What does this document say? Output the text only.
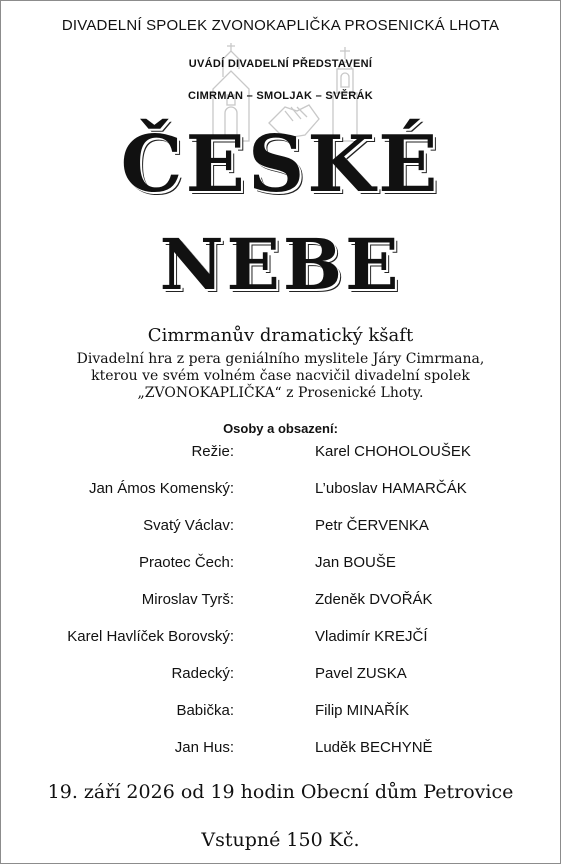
DIVADELNÍ SPOLEK ZVONOKAPLIČKA PROSENICKÁ LHOTA
UVÁDÍ DIVADELNÍ PŘEDSTAVENÍ
CIMRMAN – SMOLJAK – SVĚRÁK
ČESKÉ
NEBE
Cimrmanův dramatický kšaft
Divadelní hra z pera geniálního myslitele Járy Cimrmana,
kterou ve svém volném čase nacvičil divadelní spolek
„ZVONOKAPLIČKA“ z Prosenické Lhoty.
Osoby a obsazení:
Režie:	Karel CHOHOLOUŠEK
Jan Ámos Komenský:	L’uboslav HAMARČÁK
Svatý Václav:	Petr ČERVENKA
Praotec Čech:	Jan BOUŠE
Miroslav Tyrš:	Zdeněk DVOŘÁK
Karel Havlíček Borovský:	Vladimír KREJČÍ
Radecký:	Pavel ZUSKA
Babička:	Filip MINAŘÍK
Jan Hus:	Luděk BECHYNĚ
19. září 2026 od 19 hodin Obecní dům Petrovice
Vstupné 150 Kč.
